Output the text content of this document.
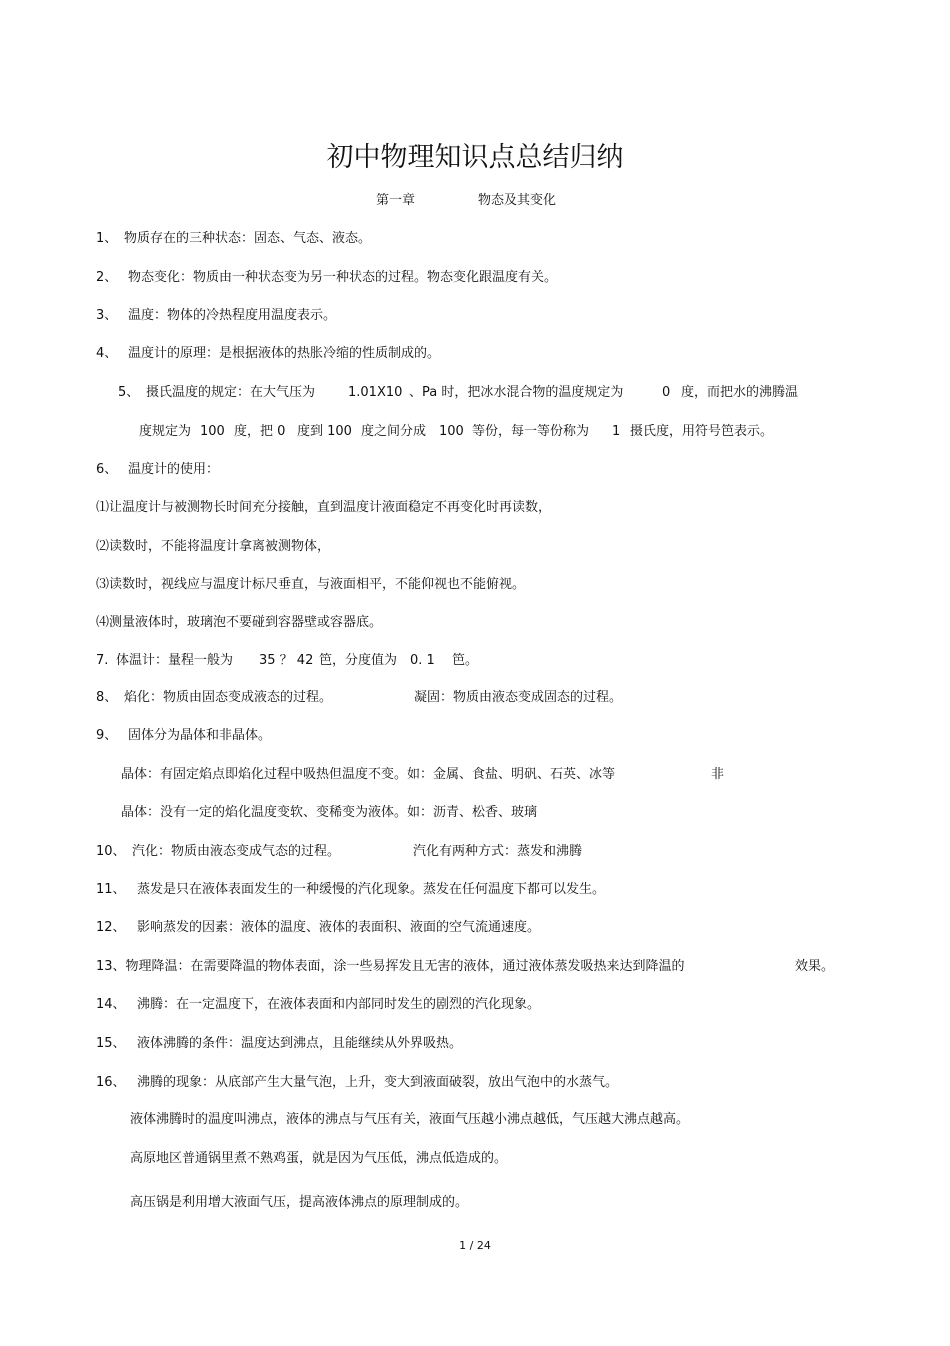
初中物理知识点总结归纳
第一章	物态及其变化
1、 物质存在的三种状态：固态、气态、液态。
2、 物态变化：物质由一种状态变为另一种状态的过程。物态变化跟温度有关。
3、 温度：物体的冷热程度用温度表示。
4、 温度计的原理：是根据液体的热胀冷缩的性质制成的。
5、 摄氏温度的规定：在大气压为	1.01X10 、Pa 时，把冰水混合物的温度规定为	0 度，而把水的沸腾温
度规定为 100 度，把 0 度到 100 度之间分成 100 等份，每一等份称为 1 摄氏度，用符号笆表示。
6、 温度计的使用：
⑴让温度计与被测物长时间充分接触，直到温度计液面稳定不再变化时再读数，
⑵读数时，不能将温度计拿离被测物体，
⑶读数时，视线应与温度计标尺垂直，与液面相平，不能仰视也不能俯视。
⑷测量液体时，玻璃泡不要碰到容器壁或容器底。
7. 体温计：量程一般为 35 ？ 42 笆，分度值为 0. 1 笆。
8、 焰化：物质由固态变成液态的过程。	凝固：物质由液态变成固态的过程。
9、 固体分为晶体和非晶体。
晶体：有固定焰点即焰化过程中吸热但温度不变。如：金属、食盐、明矾、石英、冰等	非
晶体：没有一定的焰化温度变软、变稀变为液体。如：沥青、松香、玻璃
10、 汽化：物质由液态变成气态的过程。	汽化有两种方式：蒸发和沸腾
11、 蒸发是只在液体表面发生的一种缓慢的汽化现象。蒸发在任何温度下都可以发生。
12、 影响蒸发的因素：液体的温度、液体的表面积、液面的空气流通速度。
13、物理降温：在需要降温的物体表面，涂一些易挥发且无害的液体，通过液体蒸发吸热来达到降温的	效果。
14、 沸腾：在一定温度下，在液体表面和内部同时发生的剧烈的汽化现象。
15、 液体沸腾的条件：温度达到沸点，且能继续从外界吸热。
16、 沸腾的现象：从底部产生大量气泡，上升，变大到液面破裂，放出气泡中的水蒸气。
液体沸腾时的温度叫沸点，液体的沸点与气压有关，液面气压越小沸点越低，气压越大沸点越高。
高原地区普通锅里煮不熟鸡蛋，就是因为气压低，沸点低造成的。
高压锅是利用增大液面气压，提高液体沸点的原理制成的。
1 / 24
